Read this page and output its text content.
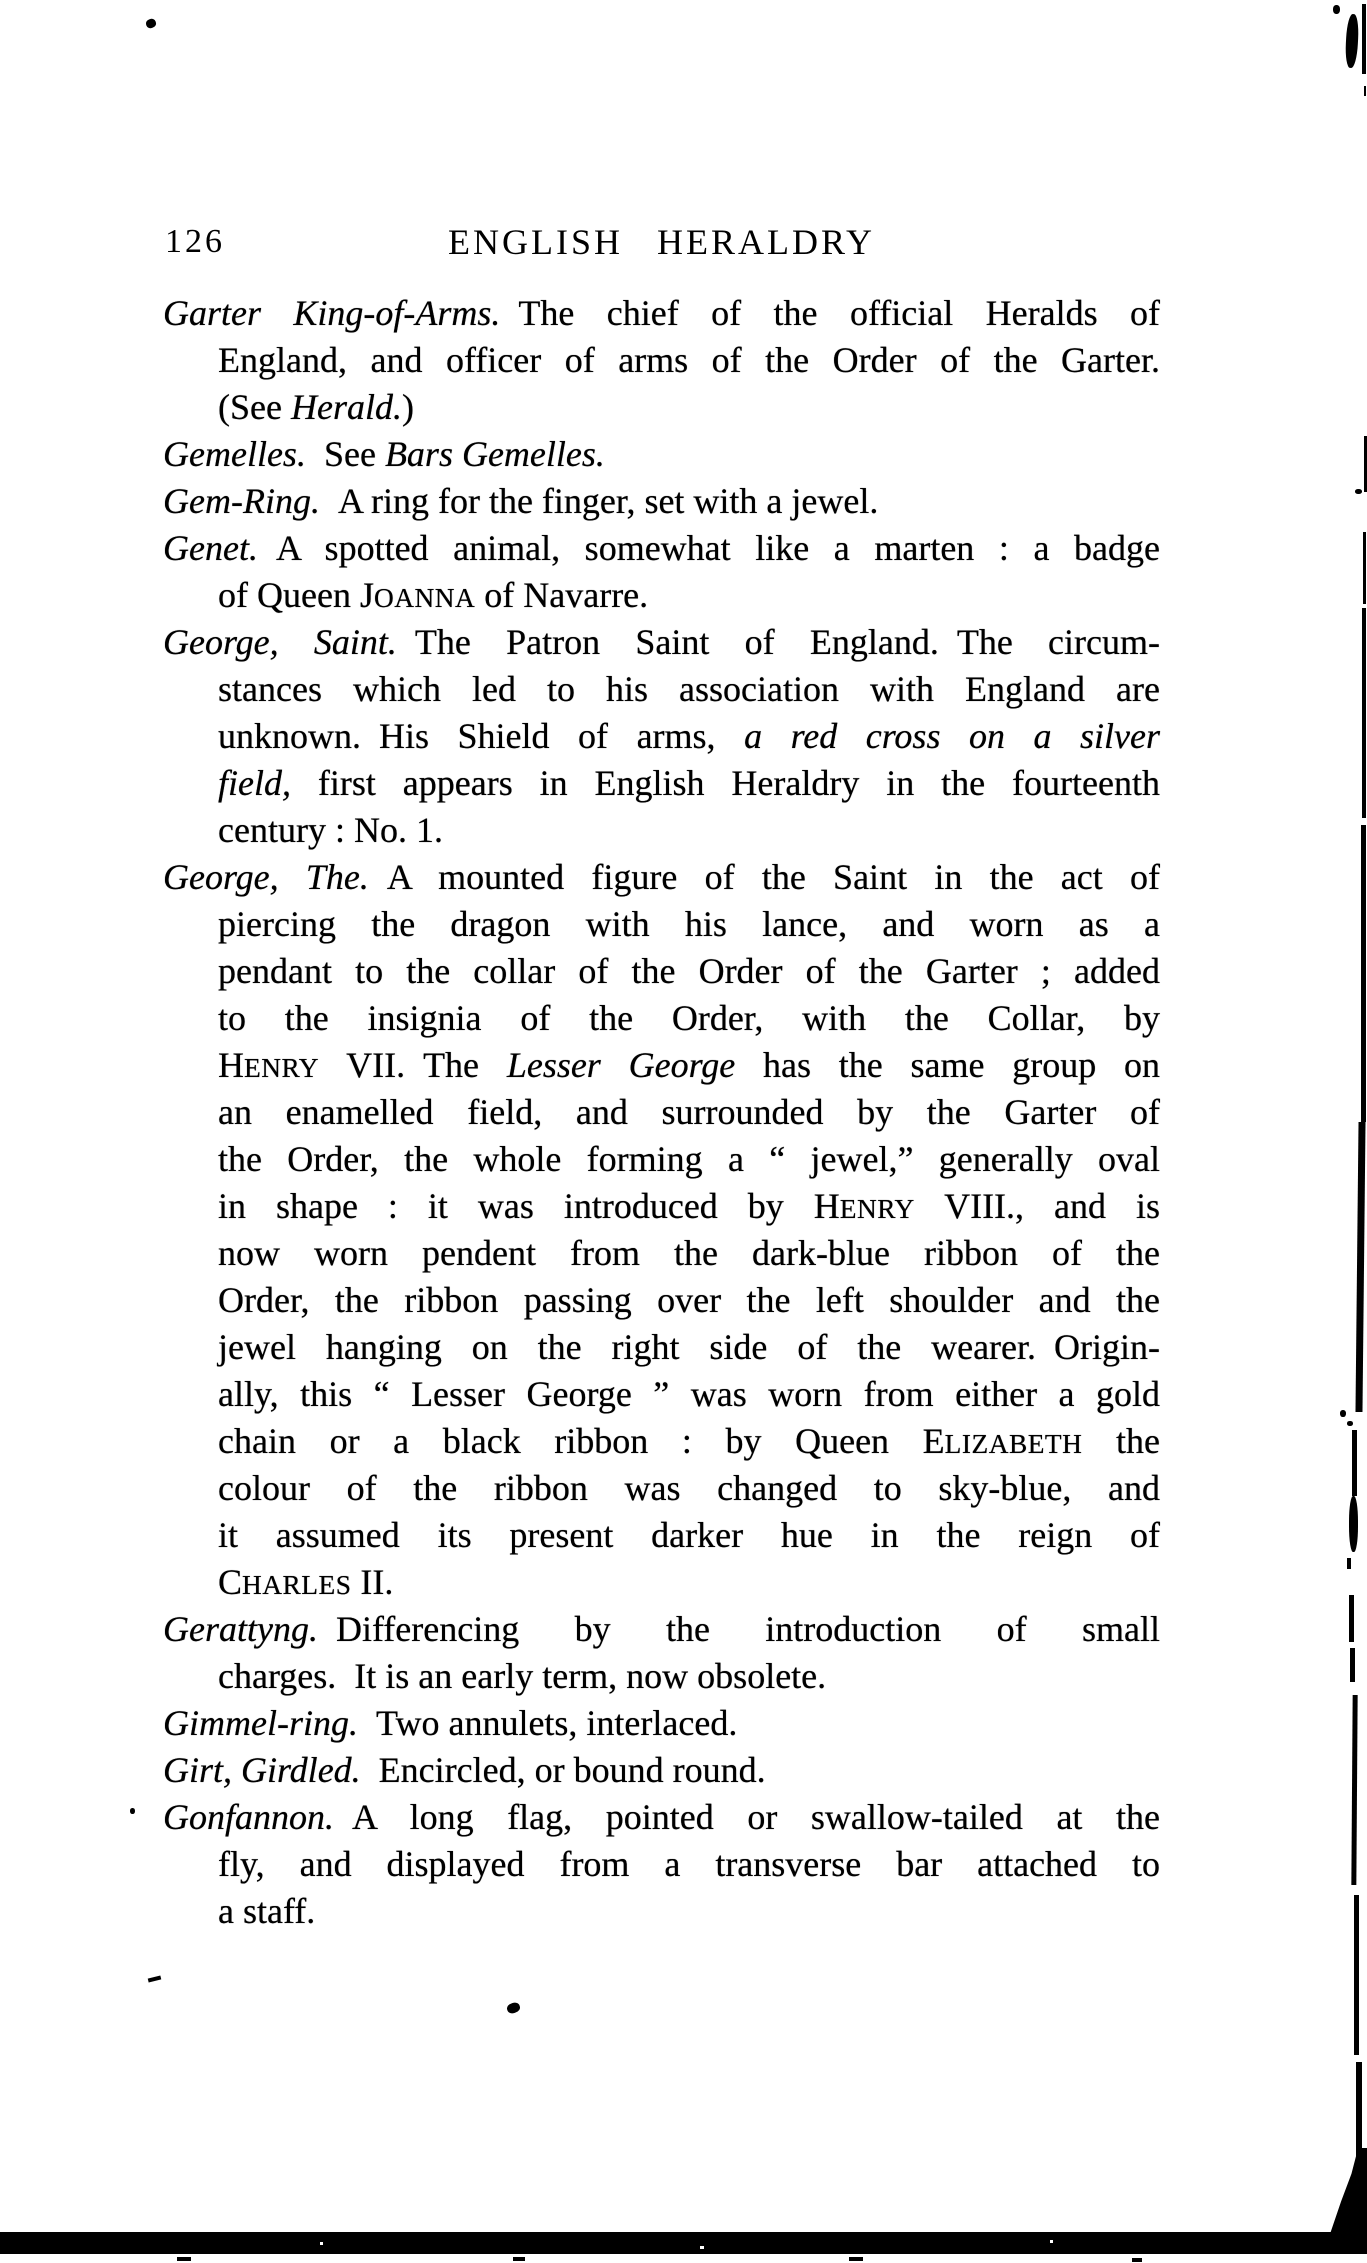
126	ENGLISH HERALDRY
Garter King-of-Arms. The chief of the official Heralds of
England, and officer of arms of the Order of the Garter.
(See Herald.)
Gemelles. See Bars Gemelles.
Gem-Ring. A ring for the finger, set with a jewel.
Genet. A spotted animal, somewhat like a marten : a badge
of Queen JOANNA of Navarre.
George, Saint. The Patron Saint of England. The circum-
stances which led to his association with England are
unknown. His Shield of arms, a red cross on a silver
field, first appears in English Heraldry in the fourteenth
century : No. 1.
George, The. A mounted figure of the Saint in the act of
piercing the dragon with his lance, and worn as a
pendant to the collar of the Order of the Garter ; added
to the insignia of the Order, with the Collar, by
HENRY VII. The Lesser George has the same group on
an enamelled field, and surrounded by the Garter of
the Order, the whole forming a “ jewel,” generally oval
in shape : it was introduced by HENRY VIII., and is
now worn pendent from the dark-blue ribbon of the
Order, the ribbon passing over the left shoulder and the
jewel hanging on the right side of the wearer. Origin-
ally, this “ Lesser George ” was worn from either a gold
chain or a black ribbon : by Queen ELIZABETH the
colour of the ribbon was changed to sky-blue, and
it assumed its present darker hue in the reign of
CHARLES II.
Gerattyng. Differencing by the introduction of small
charges. It is an early term, now obsolete.
Gimmel-ring. Two annulets, interlaced.
Girt, Girdled. Encircled, or bound round.
Gonfannon. A long flag, pointed or swallow-tailed at the
fly, and displayed from a transverse bar attached to
a staff.
